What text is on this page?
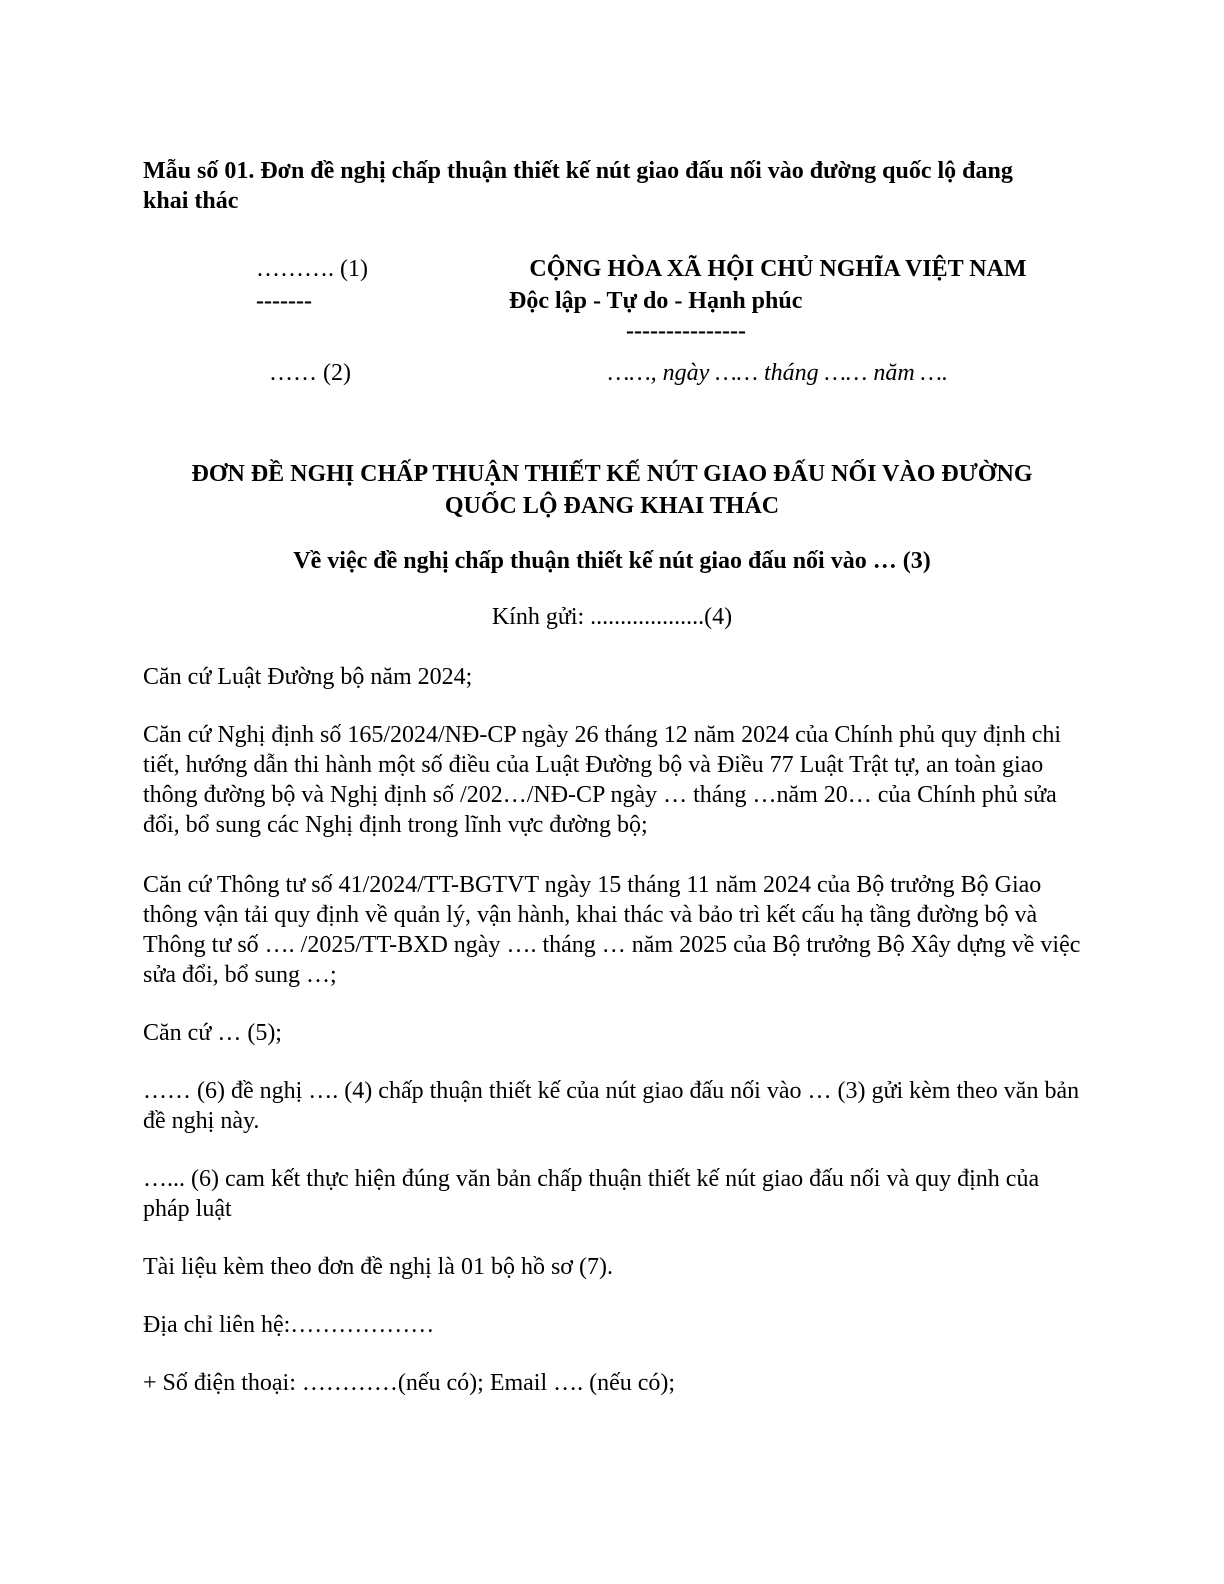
Mẫu số 01. Đơn đề nghị chấp thuận thiết kế nút giao đấu nối vào đường quốc lộ đang khai thác
………. (1)
-------
…… (2)
CỘNG HÒA XÃ HỘI CHỦ NGHĨA VIỆT NAM
Độc lập - Tự do - Hạnh phúc
---------------
……, ngày …… tháng …… năm ….
ĐƠN ĐỀ NGHỊ CHẤP THUẬN THIẾT KẾ NÚT GIAO ĐẤU NỐI VÀO ĐƯỜNG
QUỐC LỘ ĐANG KHAI THÁC
Về việc đề nghị chấp thuận thiết kế nút giao đấu nối vào … (3)
Kính gửi: ...................(4)
Căn cứ Luật Đường bộ năm 2024;
Căn cứ Nghị định số 165/2024/NĐ-CP ngày 26 tháng 12 năm 2024 của Chính phủ quy định chi tiết, hướng dẫn thi hành một số điều của Luật Đường bộ và Điều 77 Luật Trật tự, an toàn giao thông đường bộ và Nghị định số /202…/NĐ-CP ngày … tháng …năm 20… của Chính phủ sửa đổi, bổ sung các Nghị định trong lĩnh vực đường bộ;
Căn cứ Thông tư số 41/2024/TT-BGTVT ngày 15 tháng 11 năm 2024 của Bộ trưởng Bộ Giao thông vận tải quy định về quản lý, vận hành, khai thác và bảo trì kết cấu hạ tầng đường bộ và Thông tư số …. /2025/TT-BXD ngày …. tháng … năm 2025 của Bộ trưởng Bộ Xây dựng về việc sửa đổi, bổ sung …;
Căn cứ … (5);
…… (6) đề nghị …. (4) chấp thuận thiết kế của nút giao đấu nối vào … (3) gửi kèm theo văn bản đề nghị này.
…... (6) cam kết thực hiện đúng văn bản chấp thuận thiết kế nút giao đấu nối và quy định của pháp luật
Tài liệu kèm theo đơn đề nghị là 01 bộ hồ sơ (7).
Địa chỉ liên hệ:………………
+ Số điện thoại: …………(nếu có); Email …. (nếu có);
